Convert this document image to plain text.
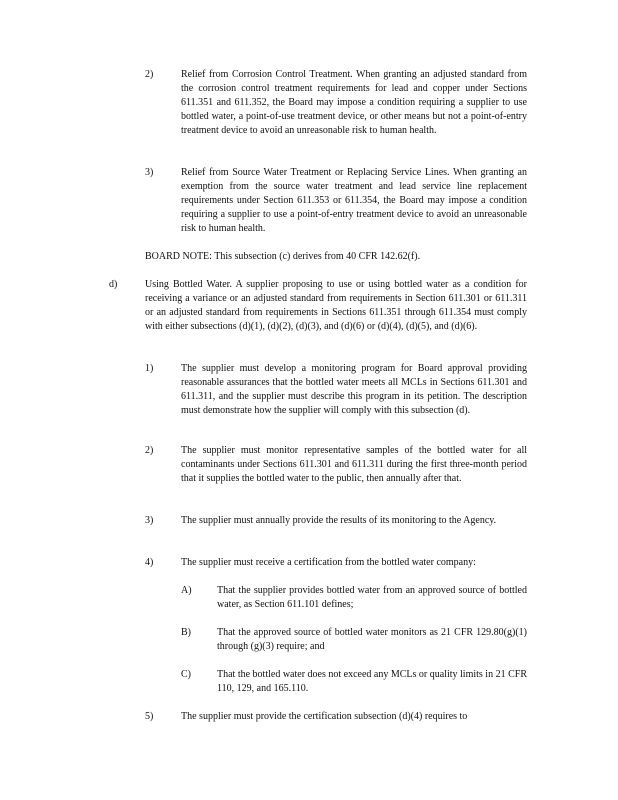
2)	Relief from Corrosion Control Treatment. When granting an adjusted standard from the corrosion control treatment requirements for lead and copper under Sections 611.351 and 611.352, the Board may impose a condition requiring a supplier to use bottled water, a point-of-use treatment device, or other means but not a point-of-entry treatment device to avoid an unreasonable risk to human health.

3)	Relief from Source Water Treatment or Replacing Service Lines. When granting an exemption from the source water treatment and lead service line replacement requirements under Section 611.353 or 611.354, the Board may impose a condition requiring a supplier to use a point-of-entry treatment device to avoid an unreasonable risk to human health.

BOARD NOTE: This subsection (c) derives from 40 CFR 142.62(f).

d)	Using Bottled Water. A supplier proposing to use or using bottled water as a condition for receiving a variance or an adjusted standard from requirements in Section 611.301 or 611.311 or an adjusted standard from requirements in Sections 611.351 through 611.354 must comply with either subsections (d)(1), (d)(2), (d)(3), and (d)(6) or (d)(4), (d)(5), and (d)(6).

1)	The supplier must develop a monitoring program for Board approval providing reasonable assurances that the bottled water meets all MCLs in Sections 611.301 and 611.311, and the supplier must describe this program in its petition. The description must demonstrate how the supplier will comply with this subsection (d).

2)	The supplier must monitor representative samples of the bottled water for all contaminants under Sections 611.301 and 611.311 during the first three-month period that it supplies the bottled water to the public, then annually after that.

3)	The supplier must annually provide the results of its monitoring to the Agency.

4)	The supplier must receive a certification from the bottled water company:

A)	That the supplier provides bottled water from an approved source of bottled water, as Section 611.101 defines;

B)	That the approved source of bottled water monitors as 21 CFR 129.80(g)(1) through (g)(3) require; and

C)	That the bottled water does not exceed any MCLs or quality limits in 21 CFR 110, 129, and 165.110.

5)	The supplier must provide the certification subsection (d)(4) requires to
